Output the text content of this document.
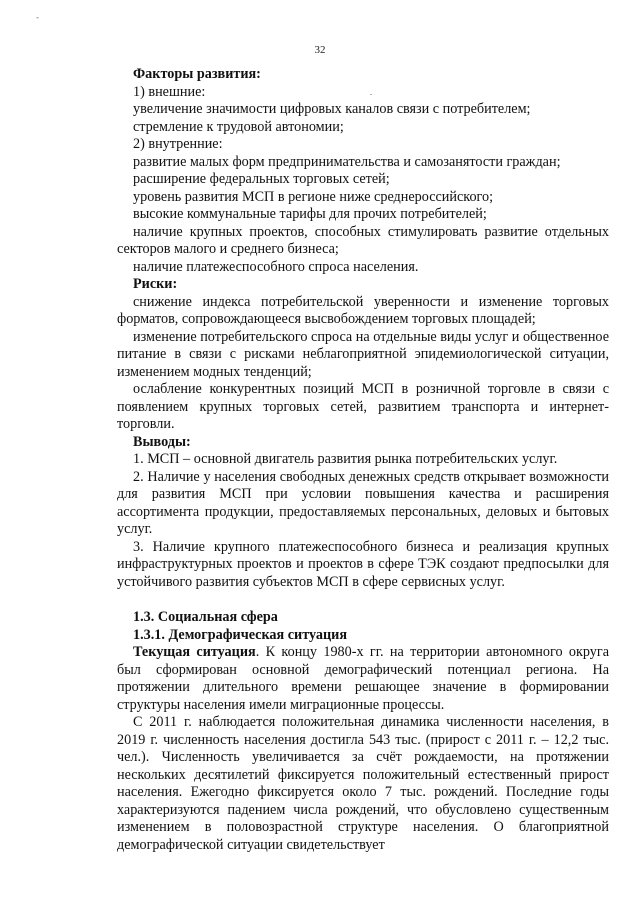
-
32
.

Факторы развития:

1) внешние:

увеличение значимости цифровых каналов связи с потребителем;

стремление к трудовой автономии;

2) внутренние:

развитие малых форм предпринимательства и самозанятости граждан;

расширение федеральных торговых сетей;

уровень развития МСП в регионе ниже среднероссийского;

высокие коммунальные тарифы для прочих потребителей;

наличие крупных проектов, способных стимулировать развитие отдельных секторов малого и среднего бизнеса;

наличие платежеспособного спроса населения.

Риски:

снижение индекса потребительской уверенности и изменение торговых форматов, сопровождающееся высвобождением торговых площадей;

изменение потребительского спроса на отдельные виды услуг и общественное питание в связи с рисками неблагоприятной эпидемиологической ситуации, изменением модных тенденций;

ослабление конкурентных позиций МСП в розничной торговле в связи с появлением крупных торговых сетей, развитием транспорта и интернет-торговли.

Выводы:

1. МСП – основной двигатель развития рынка потребительских услуг.

2. Наличие у населения свободных денежных средств открывает возможности для развития МСП при условии повышения качества и расширения ассортимента продукции, предоставляемых персональных, деловых и бытовых услуг.

3. Наличие крупного платежеспособного бизнеса и реализация крупных инфраструктурных проектов и проектов в сфере ТЭК создают предпосылки для устойчивого развития субъектов МСП в сфере сервисных услуг.

1.3. Социальная сфера

1.3.1. Демографическая ситуация

Текущая ситуация. К концу 1980-х гг. на территории автономного округа был сформирован основной демографический потенциал региона. На протяжении длительного времени решающее значение в формировании структуры населения имели миграционные процессы.

С 2011 г. наблюдается положительная динамика численности населения, в 2019 г. численность населения достигла 543 тыс. (прирост с 2011 г. – 12,2 тыс. чел.). Численность увеличивается за счёт рождаемости, на протяжении нескольких десятилетий фиксируется положительный естественный прирост населения. Ежегодно фиксируется около 7 тыс. рождений. Последние годы характеризуются падением числа рождений, что обусловлено существенным изменением в половозрастной структуре населения. О благоприятной демографической ситуации свидетельствует
